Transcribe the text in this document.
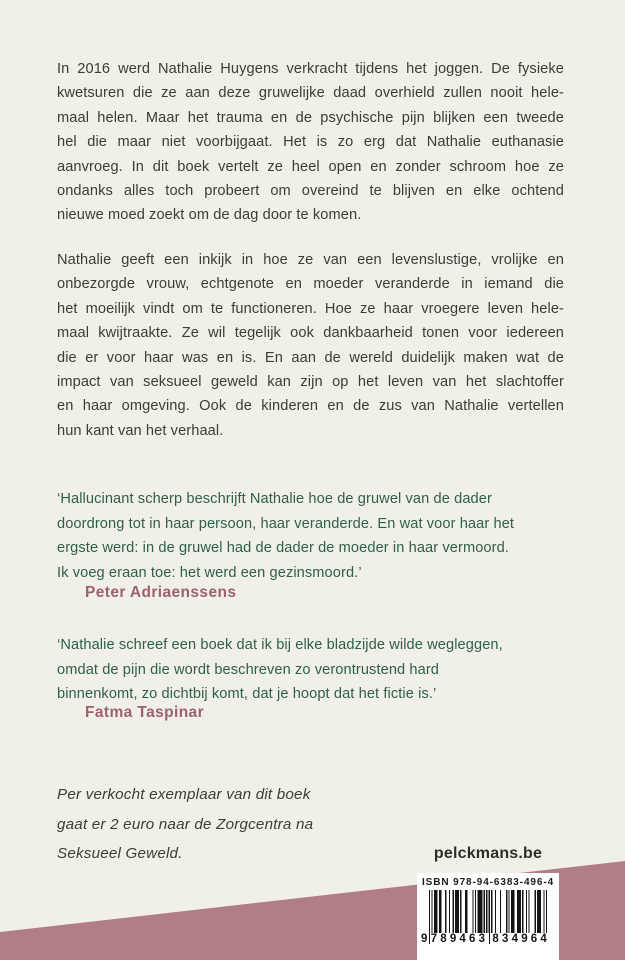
In 2016 werd Nathalie Huygens verkracht tijdens het joggen. De fysieke
kwetsuren die ze aan deze gruwelijke daad overhield zullen nooit hele-
maal helen. Maar het trauma en de psychische pijn blijken een tweede
hel die maar niet voorbijgaat. Het is zo erg dat Nathalie euthanasie
aanvroeg. In dit boek vertelt ze heel open en zonder schroom hoe ze
ondanks alles toch probeert om overeind te blijven en elke ochtend
nieuwe moed zoekt om de dag door te komen.
Nathalie geeft een inkijk in hoe ze van een levenslustige, vrolijke en
onbezorgde vrouw, echtgenote en moeder veranderde in iemand die
het moeilijk vindt om te functioneren. Hoe ze haar vroegere leven hele-
maal kwijtraakte. Ze wil tegelijk ook dankbaarheid tonen voor iedereen
die er voor haar was en is. En aan de wereld duidelijk maken wat de
impact van seksueel geweld kan zijn op het leven van het slachtoffer
en haar omgeving. Ook de kinderen en de zus van Nathalie vertellen
hun kant van het verhaal.
‘Hallucinant scherp beschrijft Nathalie hoe de gruwel van de dader
doordrong tot in haar persoon, haar veranderde. En wat voor haar het
ergste werd: in de gruwel had de dader de moeder in haar vermoord.
Ik voeg eraan toe: het werd een gezinsmoord.’
Peter Adriaenssens
‘Nathalie schreef een boek dat ik bij elke bladzijde wilde wegleggen,
omdat de pijn die wordt beschreven zo verontrustend hard
binnenkomt, zo dichtbij komt, dat je hoopt dat het fictie is.’
Fatma Taspinar
Per verkocht exemplaar van dit boek
gaat er 2 euro naar de Zorgcentra na
Seksueel Geweld.	pelckmans.be
ISBN 978-94-6383-496-4
9 789463 834964
